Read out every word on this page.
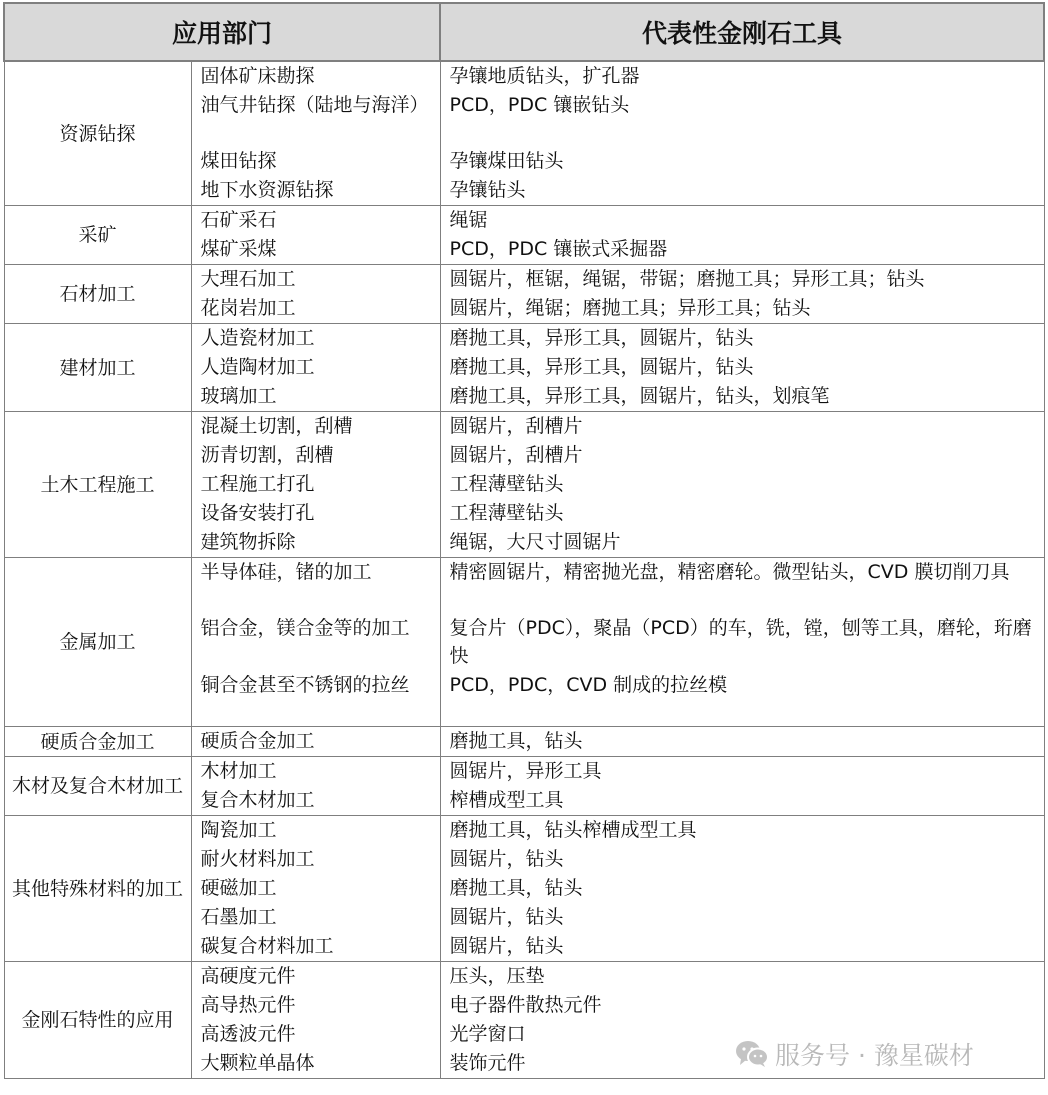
应用部门		代表性金刚石工具
资源钻探	固体矿床勘探	孕镶地质钻头，扩孔器
	油气井钻探（陆地与海洋）	PCD，PDC 镶嵌钻头
	煤田钻探	孕镶煤田钻头
	地下水资源钻探	孕镶钻头
采矿	石矿采石	绳锯
	煤矿采煤	PCD，PDC 镶嵌式采掘器
石材加工	大理石加工	圆锯片，框锯，绳锯，带锯；磨抛工具；异形工具；钻头
	花岗岩加工	圆锯片，绳锯；磨抛工具；异形工具；钻头
建材加工	人造瓷材加工	磨抛工具，异形工具，圆锯片，钻头
	人造陶材加工	磨抛工具，异形工具，圆锯片，钻头
	玻璃加工	磨抛工具，异形工具，圆锯片，钻头，划痕笔
土木工程施工	混凝土切割，刮槽	圆锯片，刮槽片
	沥青切割，刮槽	圆锯片，刮槽片
	工程施工打孔	工程薄壁钻头
	设备安装打孔	工程薄壁钻头
	建筑物拆除	绳锯，大尺寸圆锯片
金属加工	半导体硅，锗的加工	精密圆锯片，精密抛光盘，精密磨轮。微型钻头，CVD 膜切削刀具
	铝合金，镁合金等的加工	复合片（PDC），聚晶（PCD）的车，铣，镗，刨等工具，磨轮，珩磨快
	铜合金甚至不锈钢的拉丝	PCD，PDC，CVD 制成的拉丝模
硬质合金加工	硬质合金加工	磨抛工具，钻头
木材及复合木材加工	木材加工	圆锯片，异形工具
	复合木材加工	榨槽成型工具
其他特殊材料的加工	陶瓷加工	磨抛工具，钻头榨槽成型工具
	耐火材料加工	圆锯片，钻头
	硬磁加工	磨抛工具，钻头
	石墨加工	圆锯片，钻头
	碳复合材料加工	圆锯片，钻头
金刚石特性的应用	高硬度元件	压头，压垫
	高导热元件	电子器件散热元件
	高透波元件	光学窗口
	大颗粒单晶体	装饰元件	服务号 · 豫星碳材
